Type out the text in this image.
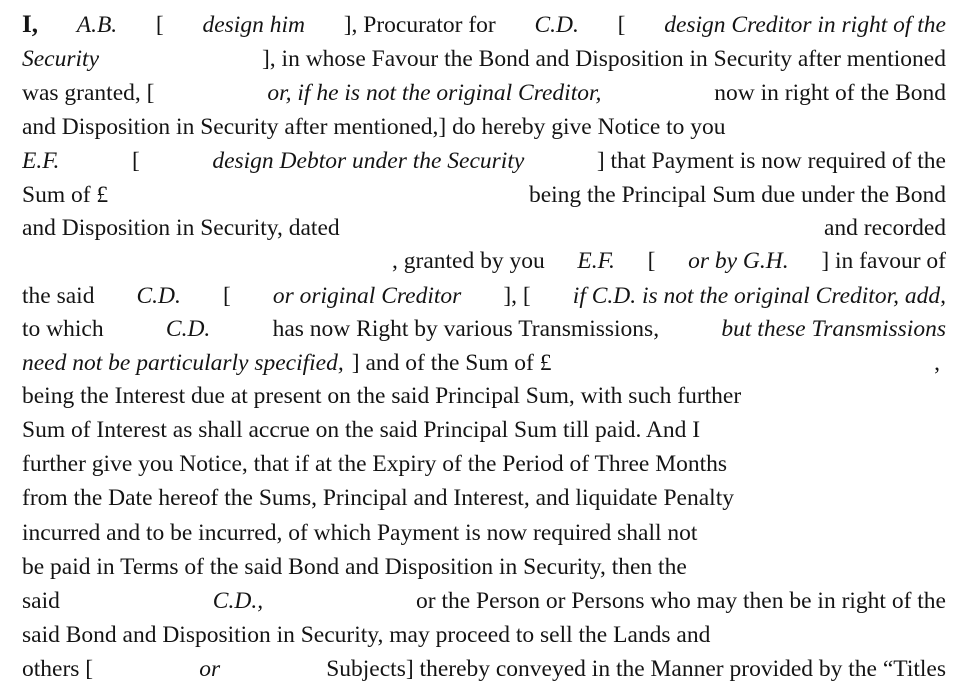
I, A.B. [ design him ], Procurator for C.D. [ design Creditor in right of the
Security	], in whose Favour the Bond and Disposition in Security after mentioned
was granted, [	or, if he is not the original Creditor,	now in right of the Bond
and Disposition in Security after mentioned,] do hereby give Notice to you
E.F.	[	design Debtor under the Security	] that Payment is now required of the
Sum of £	being the Principal Sum due under the Bond
and Disposition in Security, dated	and recorded
, granted by you E.F. [ or by G.H. ] in favour of
the said C.D. [ or original Creditor ], [ if C.D. is not the original Creditor, add,
to which	C.D.	has now Right by various Transmissions,	but these Transmissions
need not be particularly specified, ] and of the Sum of £	,
being the Interest due at present on the said Principal Sum, with such further
Sum of Interest as shall accrue on the said Principal Sum till paid. And I
further give you Notice, that if at the Expiry of the Period of Three Months
from the Date hereof the Sums, Principal and Interest, and liquidate Penalty
incurred and to be incurred, of which Payment is now required shall not
be paid in Terms of the said Bond and Disposition in Security, then the
said	C.D.,	or the Person or Persons who may then be in right of the
said Bond and Disposition in Security, may proceed to sell the Lands and
others [	or	Subjects] thereby conveyed in the Manner provided by the “Titles
